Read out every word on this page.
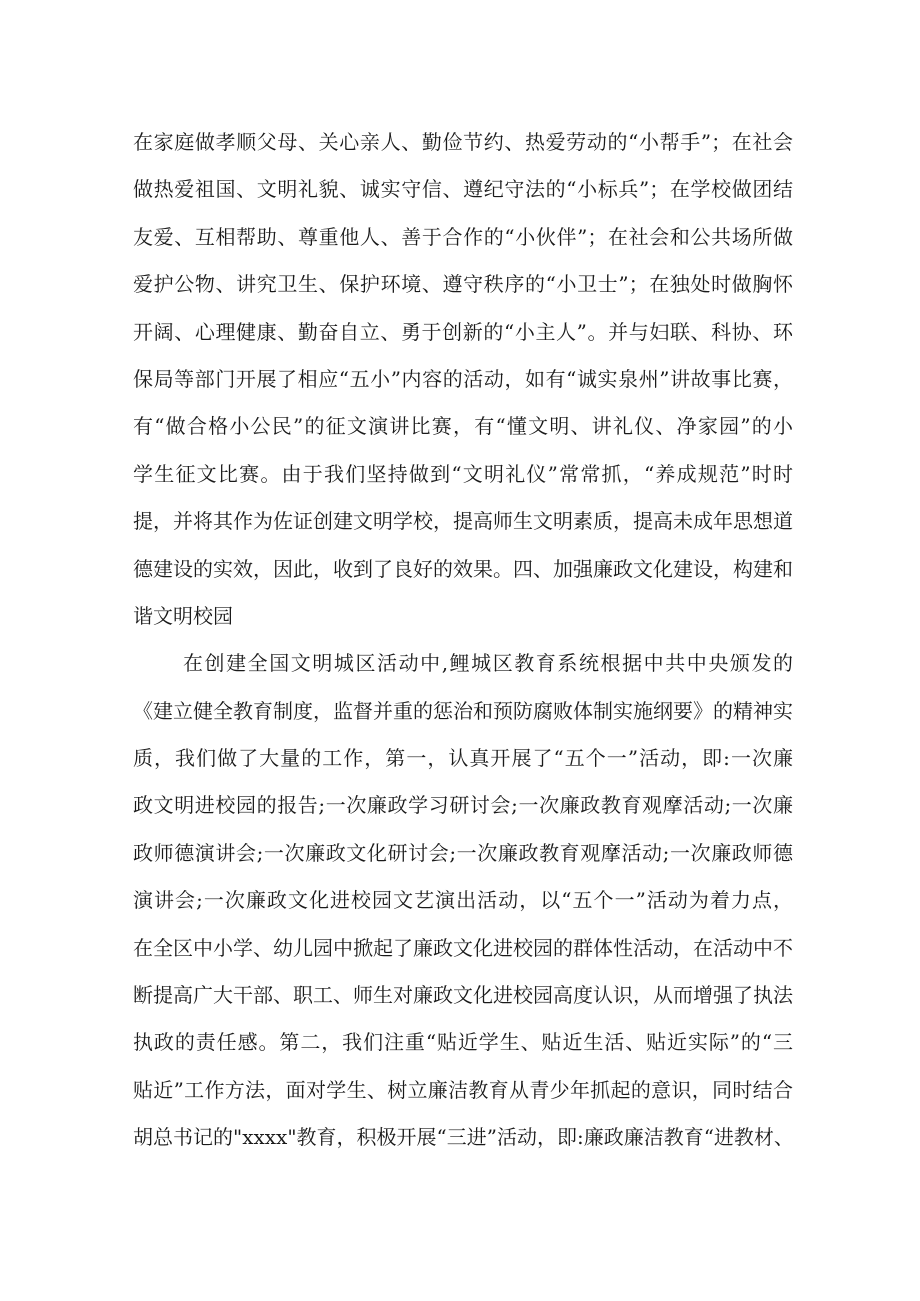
在家庭做孝顺父母、关心亲人、勤俭节约、热爱劳动的“小帮手”；在社会
做热爱祖国、文明礼貌、诚实守信、遵纪守法的“小标兵”；在学校做团结
友爱、互相帮助、尊重他人、善于合作的“小伙伴”；在社会和公共场所做
爱护公物、讲究卫生、保护环境、遵守秩序的“小卫士”；在独处时做胸怀
开阔、心理健康、勤奋自立、勇于创新的“小主人”。并与妇联、科协、环
保局等部门开展了相应“五小”内容的活动，如有“诚实泉州”讲故事比赛，
有“做合格小公民”的征文演讲比赛，有“懂文明、讲礼仪、净家园”的小
学生征文比赛。由于我们坚持做到“文明礼仪”常常抓，“养成规范”时时
提，并将其作为佐证创建文明学校，提高师生文明素质，提高未成年思想道
德建设的实效，因此，收到了良好的效果。四、加强廉政文化建设，构建和
谐文明校园
在创建全国文明城区活动中,鲤城区教育系统根据中共中央颁发的
《建立健全教育制度，监督并重的惩治和预防腐败体制实施纲要》的精神实
质，我们做了大量的工作，第一，认真开展了“五个一”活动，即:一次廉
政文明进校园的报告;一次廉政学习研讨会;一次廉政教育观摩活动;一次廉
政师德演讲会;一次廉政文化研讨会;一次廉政教育观摩活动;一次廉政师德
演讲会;一次廉政文化进校园文艺演出活动，以“五个一”活动为着力点，
在全区中小学、幼儿园中掀起了廉政文化进校园的群体性活动，在活动中不
断提高广大干部、职工、师生对廉政文化进校园高度认识，从而增强了执法
执政的责任感。第二，我们注重“贴近学生、贴近生活、贴近实际”的“三
贴近”工作方法，面对学生、树立廉洁教育从青少年抓起的意识，同时结合
胡总书记的"xxxx"教育，积极开展“三进”活动，即:廉政廉洁教育“进教材、
